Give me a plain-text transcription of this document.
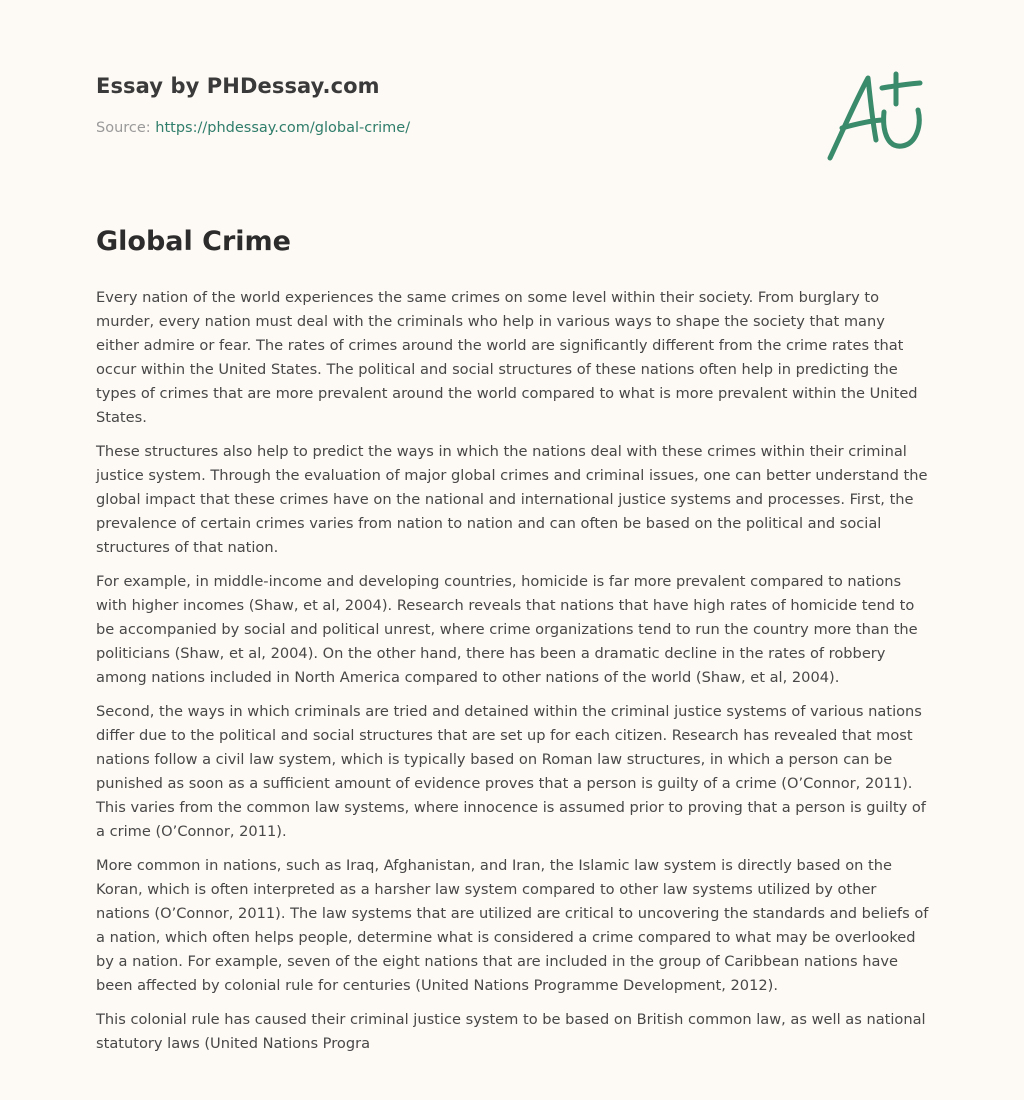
Essay by PHDessay.com
Source: https://phdessay.com/global-crime/
Global Crime

Every nation of the world experiences the same crimes on some level within their society. From burglary to murder, every nation must deal with the criminals who help in various ways to shape the society that many either admire or fear. The rates of crimes around the world are significantly different from the crime rates that occur within the United States. The political and social structures of these nations often help in predicting the types of crimes that are more prevalent around the world compared to what is more prevalent within the United States.

These structures also help to predict the ways in which the nations deal with these crimes within their criminal justice system. Through the evaluation of major global crimes and criminal issues, one can better understand the global impact that these crimes have on the national and international justice systems and processes. First, the prevalence of certain crimes varies from nation to nation and can often be based on the political and social structures of that nation.

For example, in middle-income and developing countries, homicide is far more prevalent compared to nations with higher incomes (Shaw, et al, 2004). Research reveals that nations that have high rates of homicide tend to be accompanied by social and political unrest, where crime organizations tend to run the country more than the politicians (Shaw, et al, 2004). On the other hand, there has been a dramatic decline in the rates of robbery among nations included in North America compared to other nations of the world (Shaw, et al, 2004).

Second, the ways in which criminals are tried and detained within the criminal justice systems of various nations differ due to the political and social structures that are set up for each citizen. Research has revealed that most nations follow a civil law system, which is typically based on Roman law structures, in which a person can be punished as soon as a sufficient amount of evidence proves that a person is guilty of a crime (O’Connor, 2011). This varies from the common law systems, where innocence is assumed prior to proving that a person is guilty of a crime (O’Connor, 2011).

More common in nations, such as Iraq, Afghanistan, and Iran, the Islamic law system is directly based on the Koran, which is often interpreted as a harsher law system compared to other law systems utilized by other nations (O’Connor, 2011). The law systems that are utilized are critical to uncovering the standards and beliefs of a nation, which often helps people, determine what is considered a crime compared to what may be overlooked by a nation. For example, seven of the eight nations that are included in the group of Caribbean nations have been affected by colonial rule for centuries (United Nations Programme Development, 2012).

This colonial rule has caused their criminal justice system to be based on British common law, as well as national statutory laws (United Nations Progra
